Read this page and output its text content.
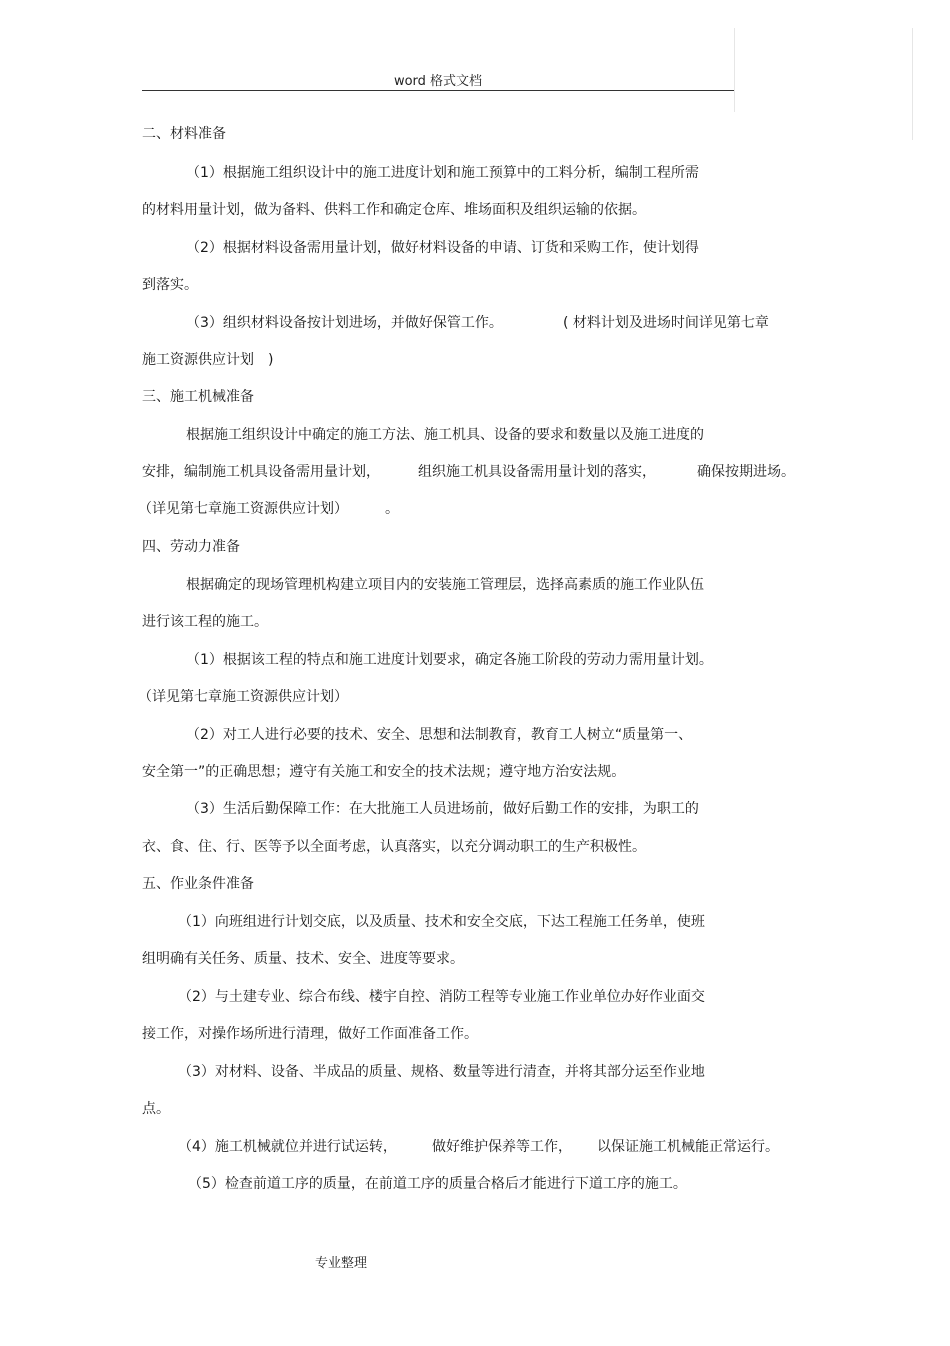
word 格式文档
二、材料准备
（1）根据施工组织设计中的施工进度计划和施工预算中的工料分析，编制工程所需
的材料用量计划，做为备料、供料工作和确定仓库、堆场面积及组织运输的依据。
（2）根据材料设备需用量计划，做好材料设备的申请、订货和采购工作，使计划得
到落实。
（3）组织材料设备按计划进场，并做好保管工作。	( 材料计划及进场时间详见第七章
施工资源供应计划　)
三、施工机械准备
根据施工组织设计中确定的施工方法、施工机具、设备的要求和数量以及施工进度的
安排，编制施工机具设备需用量计划，	组织施工机具设备需用量计划的落实，	确保按期进场。
（详见第七章施工资源供应计划）	。
四、劳动力准备
根据确定的现场管理机构建立项目内的安装施工管理层，选择高素质的施工作业队伍
进行该工程的施工。
（1）根据该工程的特点和施工进度计划要求，确定各施工阶段的劳动力需用量计划。
（详见第七章施工资源供应计划）
（2）对工人进行必要的技术、安全、思想和法制教育，教育工人树立“质量第一、
安全第一”的正确思想；遵守有关施工和安全的技术法规；遵守地方治安法规。
（3）生活后勤保障工作：在大批施工人员进场前，做好后勤工作的安排，为职工的
衣、食、住、行、医等予以全面考虑，认真落实，以充分调动职工的生产积极性。
五、作业条件准备
（1）向班组进行计划交底，以及质量、技术和安全交底，下达工程施工任务单，使班
组明确有关任务、质量、技术、安全、进度等要求。
（2）与土建专业、综合布线、楼宇自控、消防工程等专业施工作业单位办好作业面交
接工作，对操作场所进行清理，做好工作面准备工作。
（3）对材料、设备、半成品的质量、规格、数量等进行清查，并将其部分运至作业地
点。
（4）施工机械就位并进行试运转，	做好维护保养等工作， 以保证施工机械能正常运行。
（5）检查前道工序的质量，在前道工序的质量合格后才能进行下道工序的施工。
专业整理
